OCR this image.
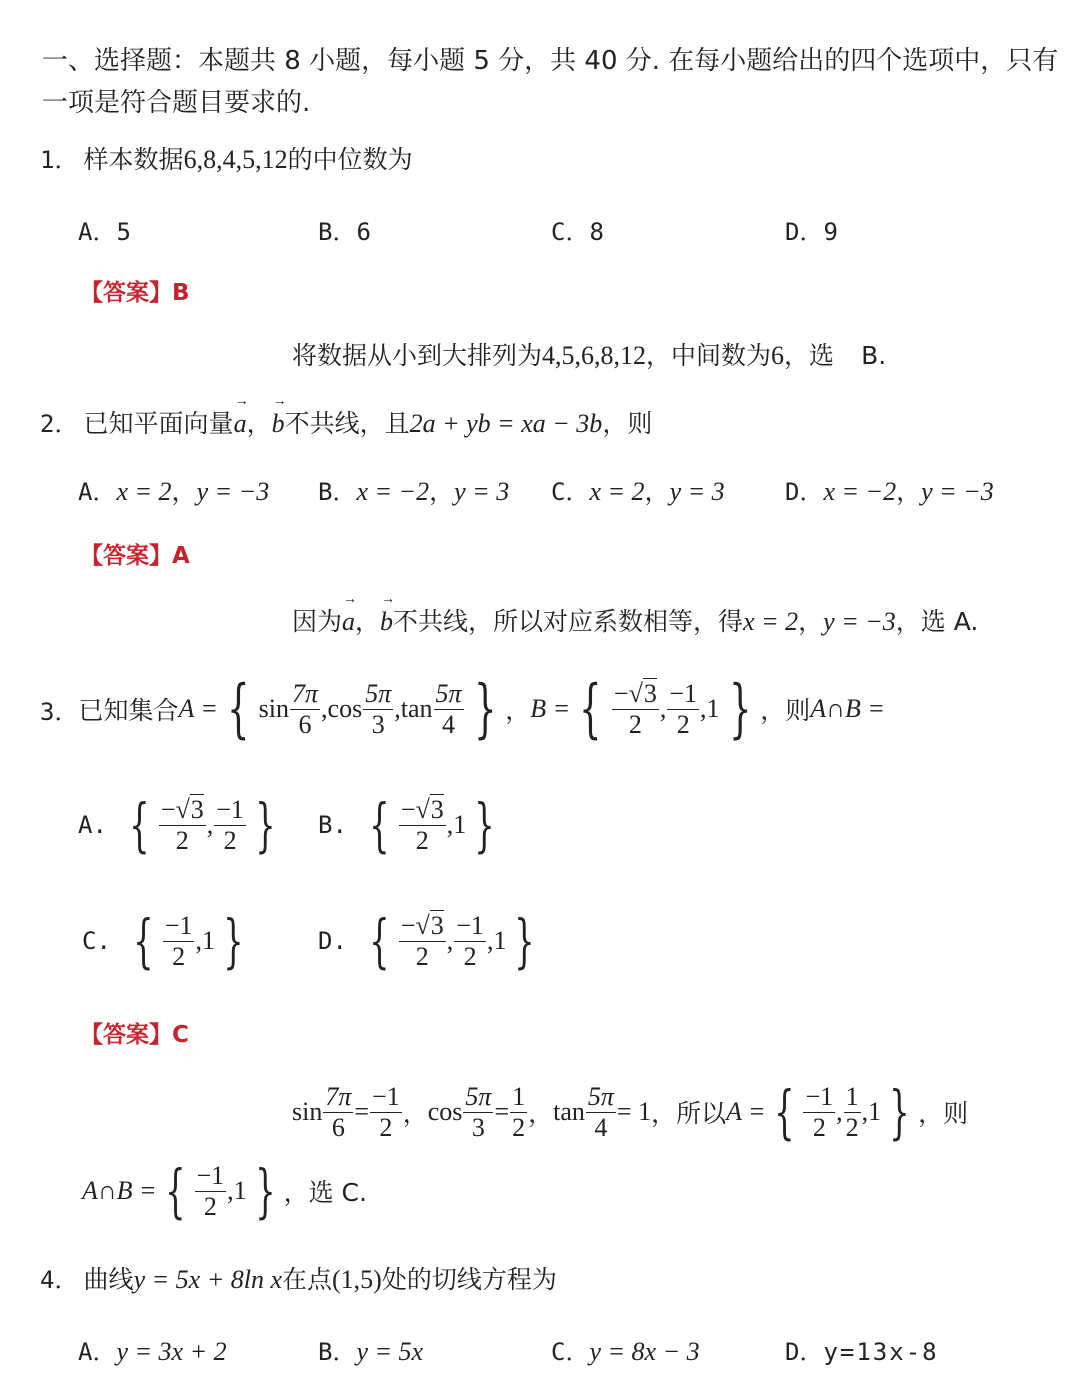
一、选择题：本题共 8 小题，每小题 5 分，共 40 分. 在每小题给出的四个选项中，只有
一项是符合题目要求的.
1． 样本数据6,8,4,5,12的中位数为
A．5	B．6	C．8	D．9
【答案】B
将数据从小到大排列为4,5,6,8,12，中间数为6，选 B.
2． 已知平面向量→ a，→ b不共线，且2a + yb = xa − 3b，则
A．x = 2，y = −3 B．x = −2，y = 3 C．x = 2，y = 3	D．x = −2，y = −3
【答案】A
因为→ a，→ b不共线，所以对应系数相等，得x = 2，y = −3，选 A.
3． 已知集合 A = { $\sin \frac{7\pi}{6}$ , $\cos \frac{5\pi}{3}$ , $\tan \frac{5\pi}{4}$ } ， B = { $\frac{-√3}{2}$ , $\frac{-1}{2}$ , 1 } ，则 A∩B =
A. { $\frac{-√3}{2}$ , $\frac{-1}{2}$ } B. { $\frac{-√3}{2}$ , 1 }
C. { $\frac{-1}{2}$ , 1 }	D. { $\frac{-√3}{2}$ , $\frac{-1}{2}$ , 1 }
【答案】C
$\sin \frac{7\pi}{6} = \frac{-1}{2}$ ， $\cos \frac{5\pi}{3} = \frac{1}{2}$ ， $\tan \frac{5\pi}{4} = 1$ ，所以 A = { $\frac{-1}{2}$ , $\frac{1}{2}$ , 1 } ，则
A∩B = { $\frac{-1}{2}$ , 1 } ，选 C.
4． 曲线y = 5x + 8ln x在点(1,5)处的切线方程为
A．y = 3x + 2	B．y = 5x	C．y = 8x − 3	D．y=13x-8
